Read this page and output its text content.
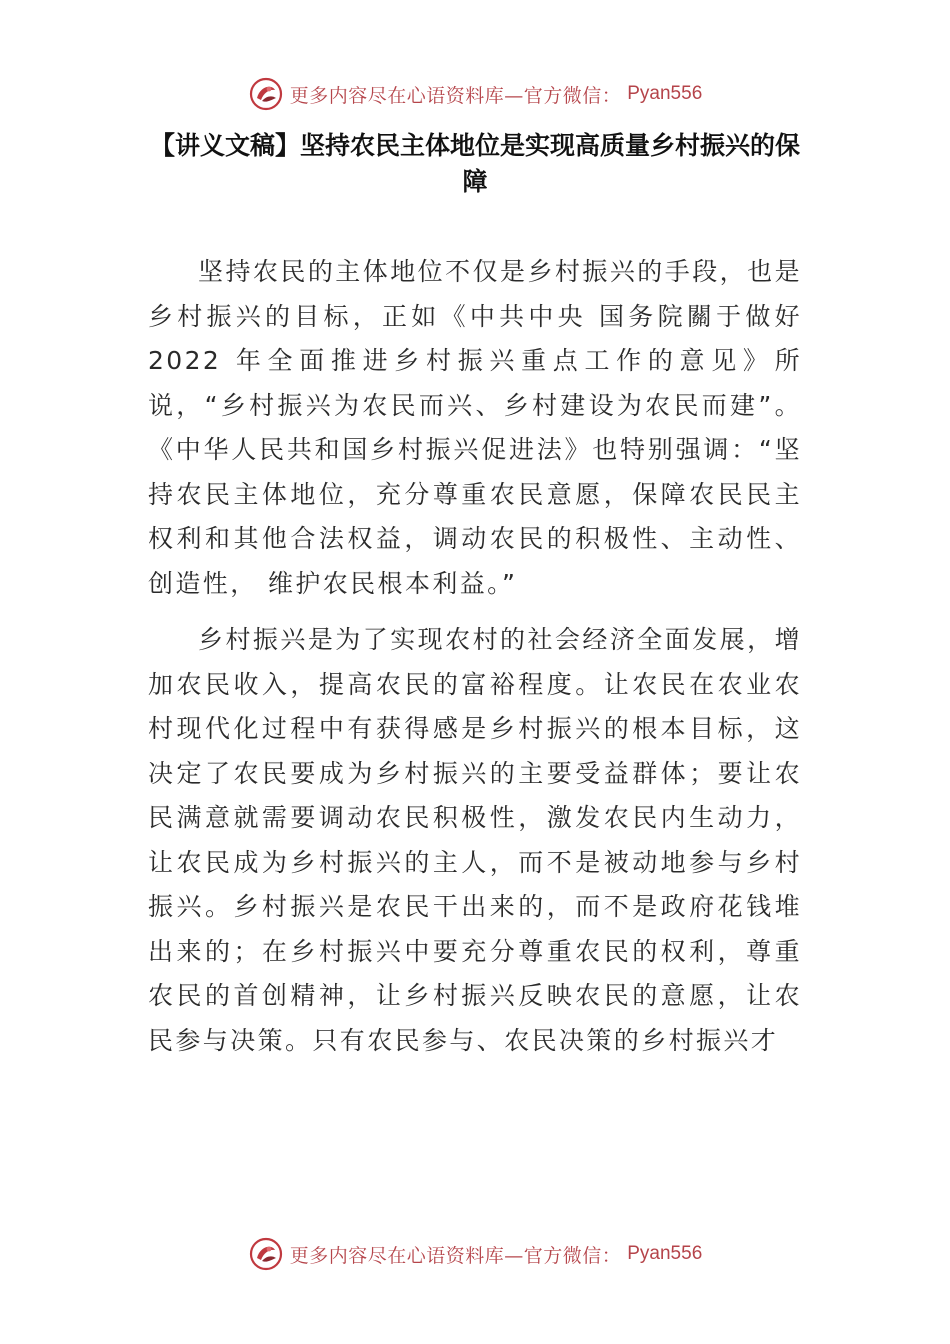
更多内容尽在心语资料库—官方微信： Pyan556
【讲义文稿】坚持农民主体地位是实现高质量乡村振兴的保障

坚持农民的主体地位不仅是乡村振兴的手段，也是乡村振兴的目标，正如《中共中央 国务院關于做好 2022 年全面推进乡村振兴重点工作的意见》所说，“乡村振兴为农民而兴、乡村建设为农民而建”。《中华人民共和国乡村振兴促进法》也特别强调：“坚持农民主体地位，充分尊重农民意愿，保障农民民主权利和其他合法权益，调动农民的积极性、主动性、创造性， 维护农民根本利益。”

乡村振兴是为了实现农村的社会经济全面发展，增加农民收入，提高农民的富裕程度。让农民在农业农村现代化过程中有获得感是乡村振兴的根本目标，这决定了农民要成为乡村振兴的主要受益群体；要让农民满意就需要调动农民积极性，激发农民内生动力，让农民成为乡村振兴的主人，而不是被动地参与乡村振兴。乡村振兴是农民干出来的，而不是政府花钱堆出来的；在乡村振兴中要充分尊重农民的权利，尊重农民的首创精神，让乡村振兴反映农民的意愿，让农民参与决策。只有农民参与、农民决策的乡村振兴才

更多内容尽在心语资料库—官方微信： Pyan556
